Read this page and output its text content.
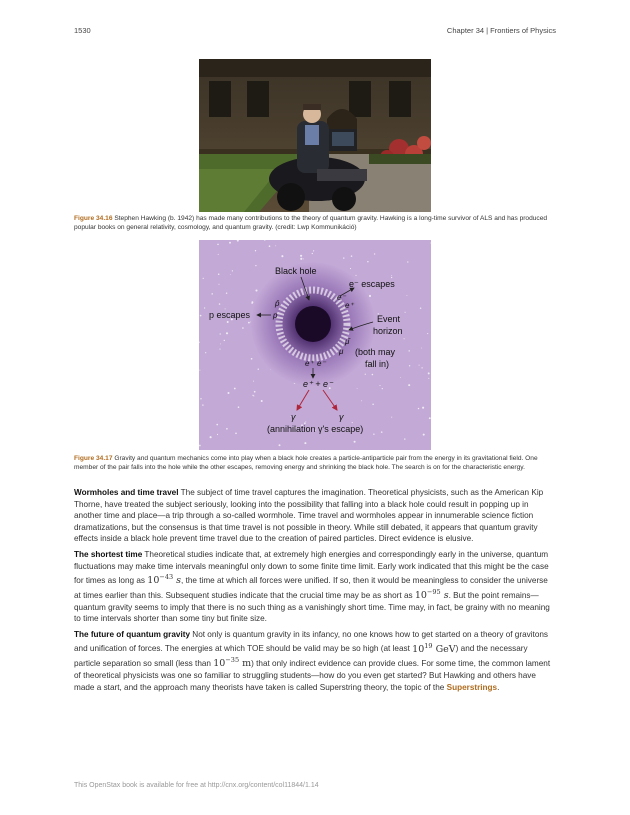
1530	Chapter 34 | Frontiers of Physics
Figure 34.16 Stephen Hawking (b. 1942) has made many contributions to the theory of quantum gravity. Hawking is a long-time survivor of ALS and has produced popular books on general relativity, cosmology, and quantum gravity. (credit: Lwp Kommunikáció)
Black hole
e⁻ escapes
e⁻
e⁺
p̄
p
p escapes	Event
horizon
μ̄
μ (both may
fall in)
e⁺ e⁻
e⁺ + e⁻
γ	γ
(annihilation γ's escape)
Figure 34.17 Gravity and quantum mechanics come into play when a black hole creates a particle-antiparticle pair from the energy in its gravitational field. One member of the pair falls into the hole while the other escapes, removing energy and shrinking the black hole. The search is on for the characteristic energy.

Wormholes and time travel The subject of time travel captures the imagination. Theoretical physicists, such as the American Kip Thorne, have treated the subject seriously, looking into the possibility that falling into a black hole could result in popping up in another time and place—a trip through a so-called wormhole. Time travel and wormholes appear in innumerable science fiction dramatizations, but the consensus is that time travel is not possible in theory. While still debated, it appears that quantum gravity effects inside a black hole prevent time travel due to the creation of paired particles. Direct evidence is elusive.

The shortest time Theoretical studies indicate that, at extremely high energies and correspondingly early in the universe, quantum fluctuations may make time intervals meaningful only down to some finite time limit. Early work indicated that this might be the case for times as long as $10^{-43}$ s, the time at which all forces were unified. If so, then it would be meaningless to consider the universe at times earlier than this. Subsequent studies indicate that the crucial time may be as short as $10^{-95}$ s. But the point remains—quantum gravity seems to imply that there is no such thing as a vanishingly short time. Time may, in fact, be grainy with no meaning to time intervals shorter than some tiny but finite size.

The future of quantum gravity Not only is quantum gravity in its infancy, no one knows how to get started on a theory of gravitons and unification of forces. The energies at which TOE should be valid may be so high (at least $10^{19}$ GeV) and the necessary particle separation so small (less than $10^{-35}$ m) that only indirect evidence can provide clues. For some time, the common lament of theoretical physicists was one so familiar to struggling students—how do you even get started? But Hawking and others have made a start, and the approach many theorists have taken is called Superstring theory, the topic of the Superstrings.

This OpenStax book is available for free at http://cnx.org/content/col11844/1.14
